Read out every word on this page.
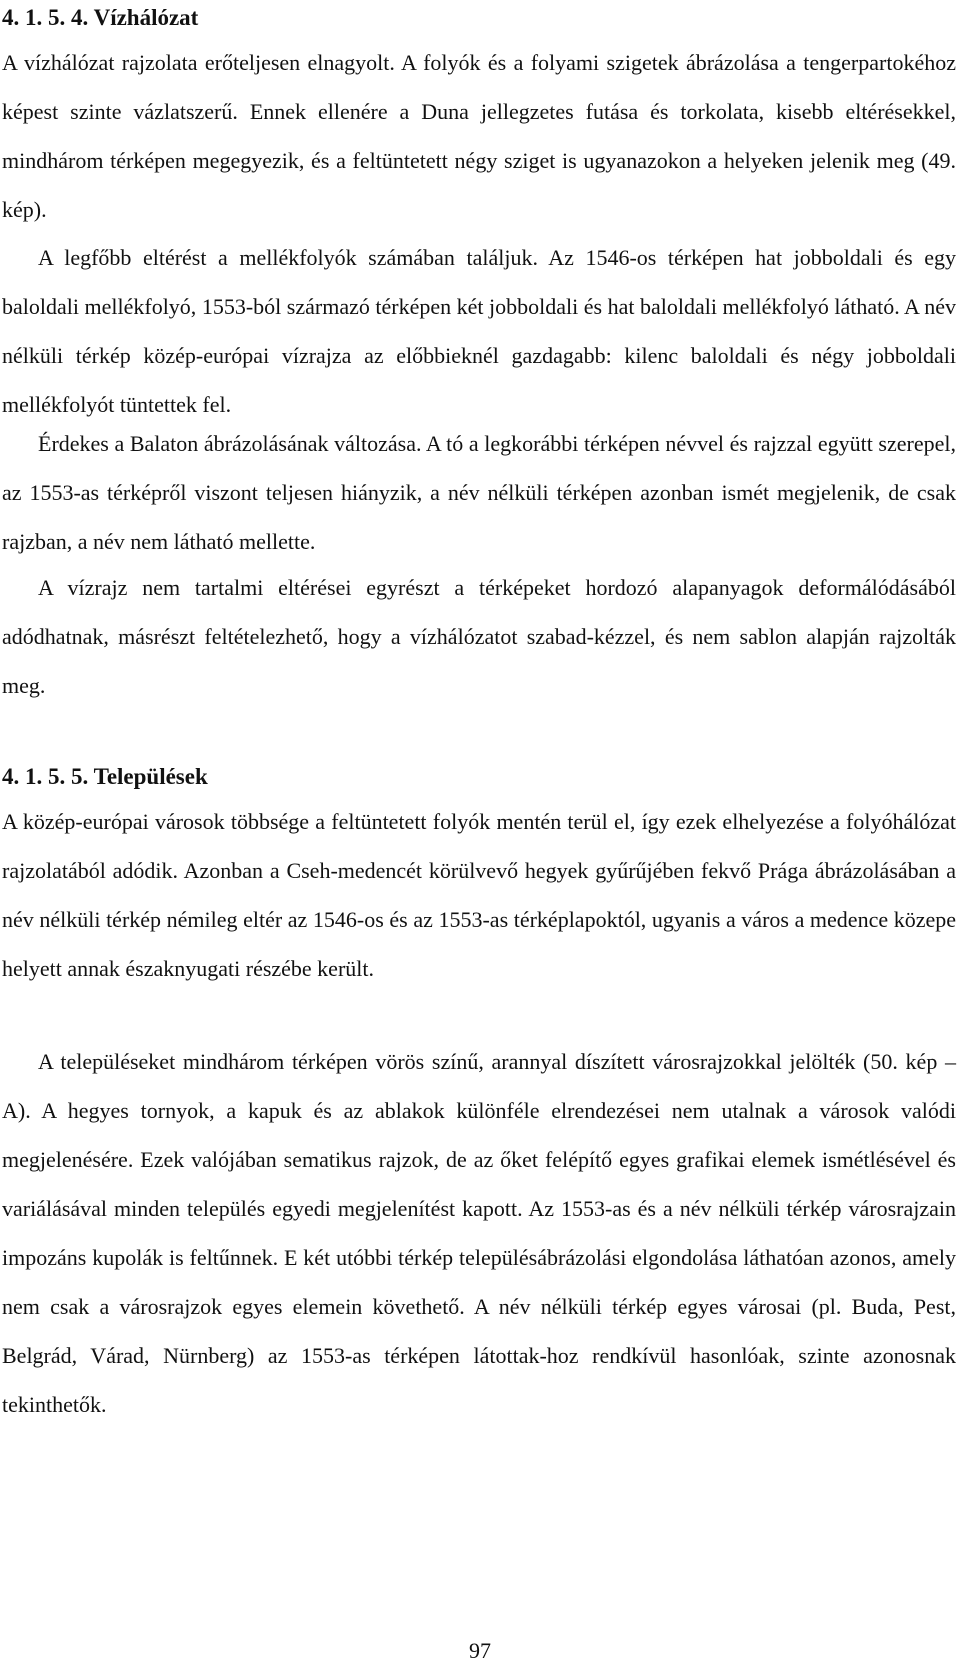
4. 1. 5. 4. Vízhálózat

A vízhálózat rajzolata erőteljesen elnagyolt. A folyók és a folyami szigetek ábrázolása a tengerpartokéhoz képest szinte vázlatszerű. Ennek ellenére a Duna jellegzetes futása és torkolata, kisebb eltérésekkel, mindhárom térképen megegyezik, és a feltüntetett négy sziget is ugyanazokon a helyeken jelenik meg (49. kép).

A legfőbb eltérést a mellékfolyók számában találjuk. Az 1546-os térképen hat jobboldali és egy baloldali mellékfolyó, 1553-ból származó térképen két jobboldali és hat baloldali mellékfolyó látható. A név nélküli térkép közép-európai vízrajza az előbbieknél gazdagabb: kilenc baloldali és négy jobboldali mellékfolyót tüntettek fel.

Érdekes a Balaton ábrázolásának változása. A tó a legkorábbi térképen névvel és rajzzal együtt szerepel, az 1553-as térképről viszont teljesen hiányzik, a név nélküli térképen azonban ismét megjelenik, de csak rajzban, a név nem látható mellette.

A vízrajz nem tartalmi eltérései egyrészt a térképeket hordozó alapanyagok deformálódásából adódhatnak, másrészt feltételezhető, hogy a vízhálózatot szabad-kézzel, és nem sablon alapján rajzolták meg.

4. 1. 5. 5. Települések

A közép-európai városok többsége a feltüntetett folyók mentén terül el, így ezek elhelyezése a folyóhálózat rajzolatából adódik. Azonban a Cseh-medencét körülvevő hegyek gyűrűjében fekvő Prága ábrázolásában a név nélküli térkép némileg eltér az 1546-os és az 1553-as térképlapoktól, ugyanis a város a medence közepe helyett annak északnyugati részébe került.

A településeket mindhárom térképen vörös színű, arannyal díszített városrajzokkal jelölték (50. kép – A). A hegyes tornyok, a kapuk és az ablakok különféle elrendezései nem utalnak a városok valódi megjelenésére. Ezek valójában sematikus rajzok, de az őket felépítő egyes grafikai elemek ismétlésével és variálásával minden település egyedi megjelenítést kapott. Az 1553-as és a név nélküli térkép városrajzain impozáns kupolák is feltűnnek. E két utóbbi térkép településábrázolási elgondolása láthatóan azonos, amely nem csak a városrajzok egyes elemein követhető. A név nélküli térkép egyes városai (pl. Buda, Pest, Belgrád, Várad, Nürnberg) az 1553-as térképen látottak-hoz rendkívül hasonlóak, szinte azonosnak tekinthetők.

97
